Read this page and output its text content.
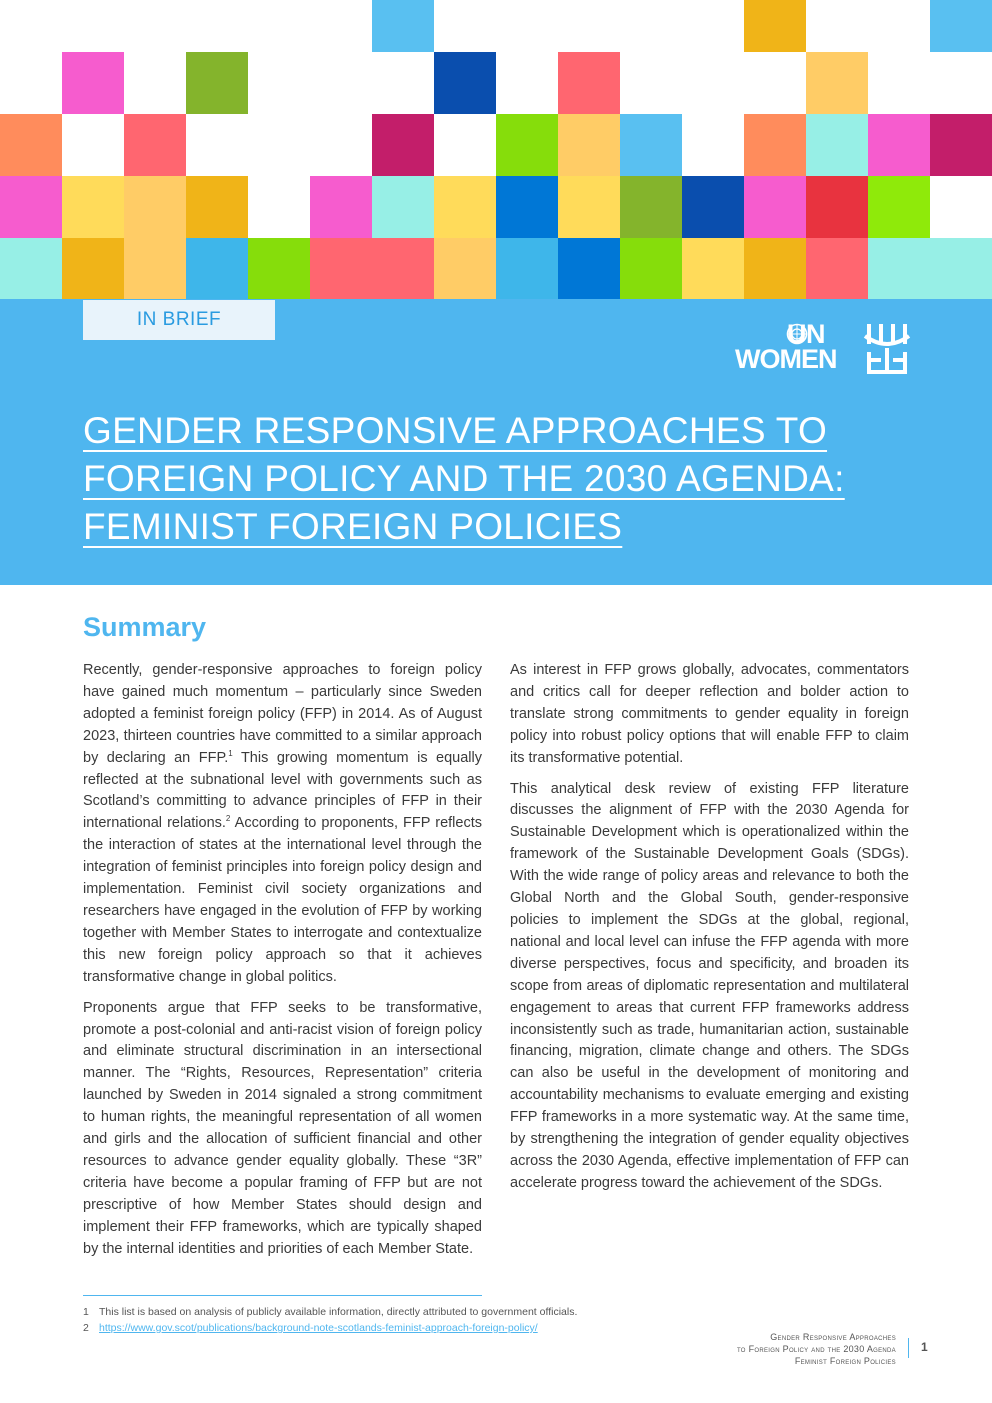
IN BRIEF	UN
WOMEN
GENDER RESPONSIVE APPROACHES TO
FOREIGN POLICY AND THE 2030 AGENDA:
FEMINIST FOREIGN POLICIES
Summary

Recently, gender-responsive approaches to foreign policy have gained much momentum – particularly since Sweden adopted a feminist foreign policy (FFP) in 2014. As of August 2023, thirteen countries have committed to a similar approach by declaring an FFP.$^1$ This growing momentum is equally reflected at the subnational level with governments such as Scotland’s committing to advance principles of FFP in their international relations.$^2$ According to proponents, FFP reflects the interaction of states at the international level through the integration of feminist principles into foreign policy design and implementation. Feminist civil society organizations and researchers have engaged in the evolution of FFP by working together with Member States to interrogate and contextualize this new foreign policy approach so that it achieves transformative change in global politics.

Proponents argue that FFP seeks to be transformative, promote a post-colonial and anti-racist vision of foreign policy and eliminate structural discrimination in an intersectional manner. The “Rights, Resources, Representation” criteria launched by Sweden in 2014 signaled a strong commitment to human rights, the meaningful representation of all women and girls and the allocation of sufficient financial and other resources to advance gender equality globally. These “3R” criteria have become a popular framing of FFP but are not prescriptive of how Member States should design and implement their FFP frameworks, which are typically shaped by the internal identities and priorities of each Member State.

As interest in FFP grows globally, advocates, commentators and critics call for deeper reflection and bolder action to translate strong commitments to gender equality in foreign policy into robust policy options that will enable FFP to claim its transformative potential.

This analytical desk review of existing FFP literature discusses the alignment of FFP with the 2030 Agenda for Sustainable Development which is operationalized within the framework of the Sustainable Development Goals (SDGs). With the wide range of policy areas and relevance to both the Global North and the Global South, gender-responsive policies to implement the SDGs at the global, regional, national and local level can infuse the FFP agenda with more diverse perspectives, focus and specificity, and broaden its scope from areas of diplomatic representation and multilateral engagement to areas that current FFP frameworks address inconsistently such as trade, humanitarian action, sustainable financing, migration, climate change and others. The SDGs can also be useful in the development of monitoring and accountability mechanisms to evaluate emerging and existing FFP frameworks in a more systematic way. At the same time, by strengthening the integration of gender equality objectives across the 2030 Agenda, effective implementation of FFP can accelerate progress toward the achievement of the SDGs.

1 This list is based on analysis of publicly available information, directly attributed to government officials.
2 https://www.gov.scot/publications/background-note-scotlands-feminist-approach-foreign-policy/
Gender Responsive Approaches
to Foreign Policy and the 2030 Agenda
Feminist Foreign Policies
1
